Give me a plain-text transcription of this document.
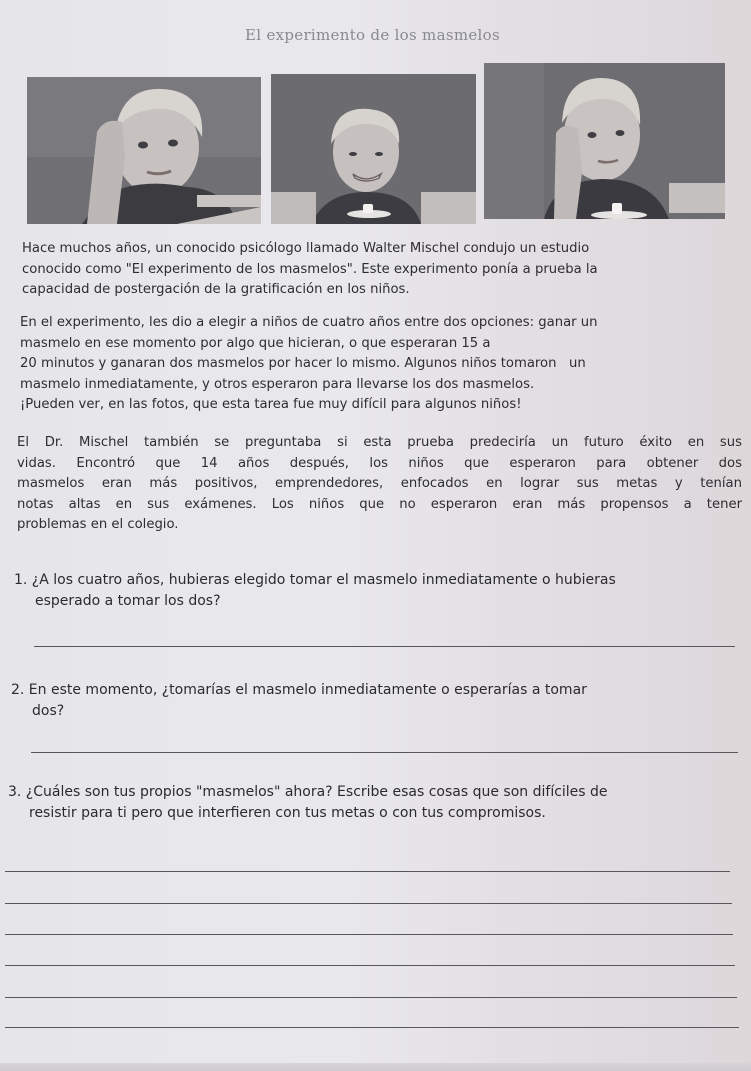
El experimento de los masmelos
Hace muchos años, un conocido psicólogo llamado Walter Mischel condujo un estudio
conocido como "El experimento de los masmelos". Este experimento ponía a prueba la
capacidad de postergación de la gratificación en los niños.
En el experimento, les dio a elegir a niños de cuatro años entre dos opciones: ganar un
masmelo en ese momento por algo que hicieran, o que esperaran 15 a
20 minutos y ganaran dos masmelos por hacer lo mismo. Algunos niños tomaron   un
masmelo inmediatamente, y otros esperaron para llevarse los dos masmelos.
¡Pueden ver, en las fotos, que esta tarea fue muy difícil para algunos niños!
El Dr. Mischel también se preguntaba si esta prueba predeciría un futuro éxito en sus
vidas. Encontró que 14 años después, los niños que esperaron para obtener dos
masmelos eran más positivos, emprendedores, enfocados en lograr sus metas y tenían
notas altas en sus exámenes. Los niños que no esperaron eran más propensos a tener
problemas en el colegio.
1. ¿A los cuatro años, hubieras elegido tomar el masmelo inmediatamente o hubieras
esperado a tomar los dos?
2. En este momento, ¿tomarías el masmelo inmediatamente o esperarías a tomar
dos?
3. ¿Cuáles son tus propios "masmelos" ahora? Escribe esas cosas que son difíciles de
resistir para ti pero que interfieren con tus metas o con tus compromisos.
